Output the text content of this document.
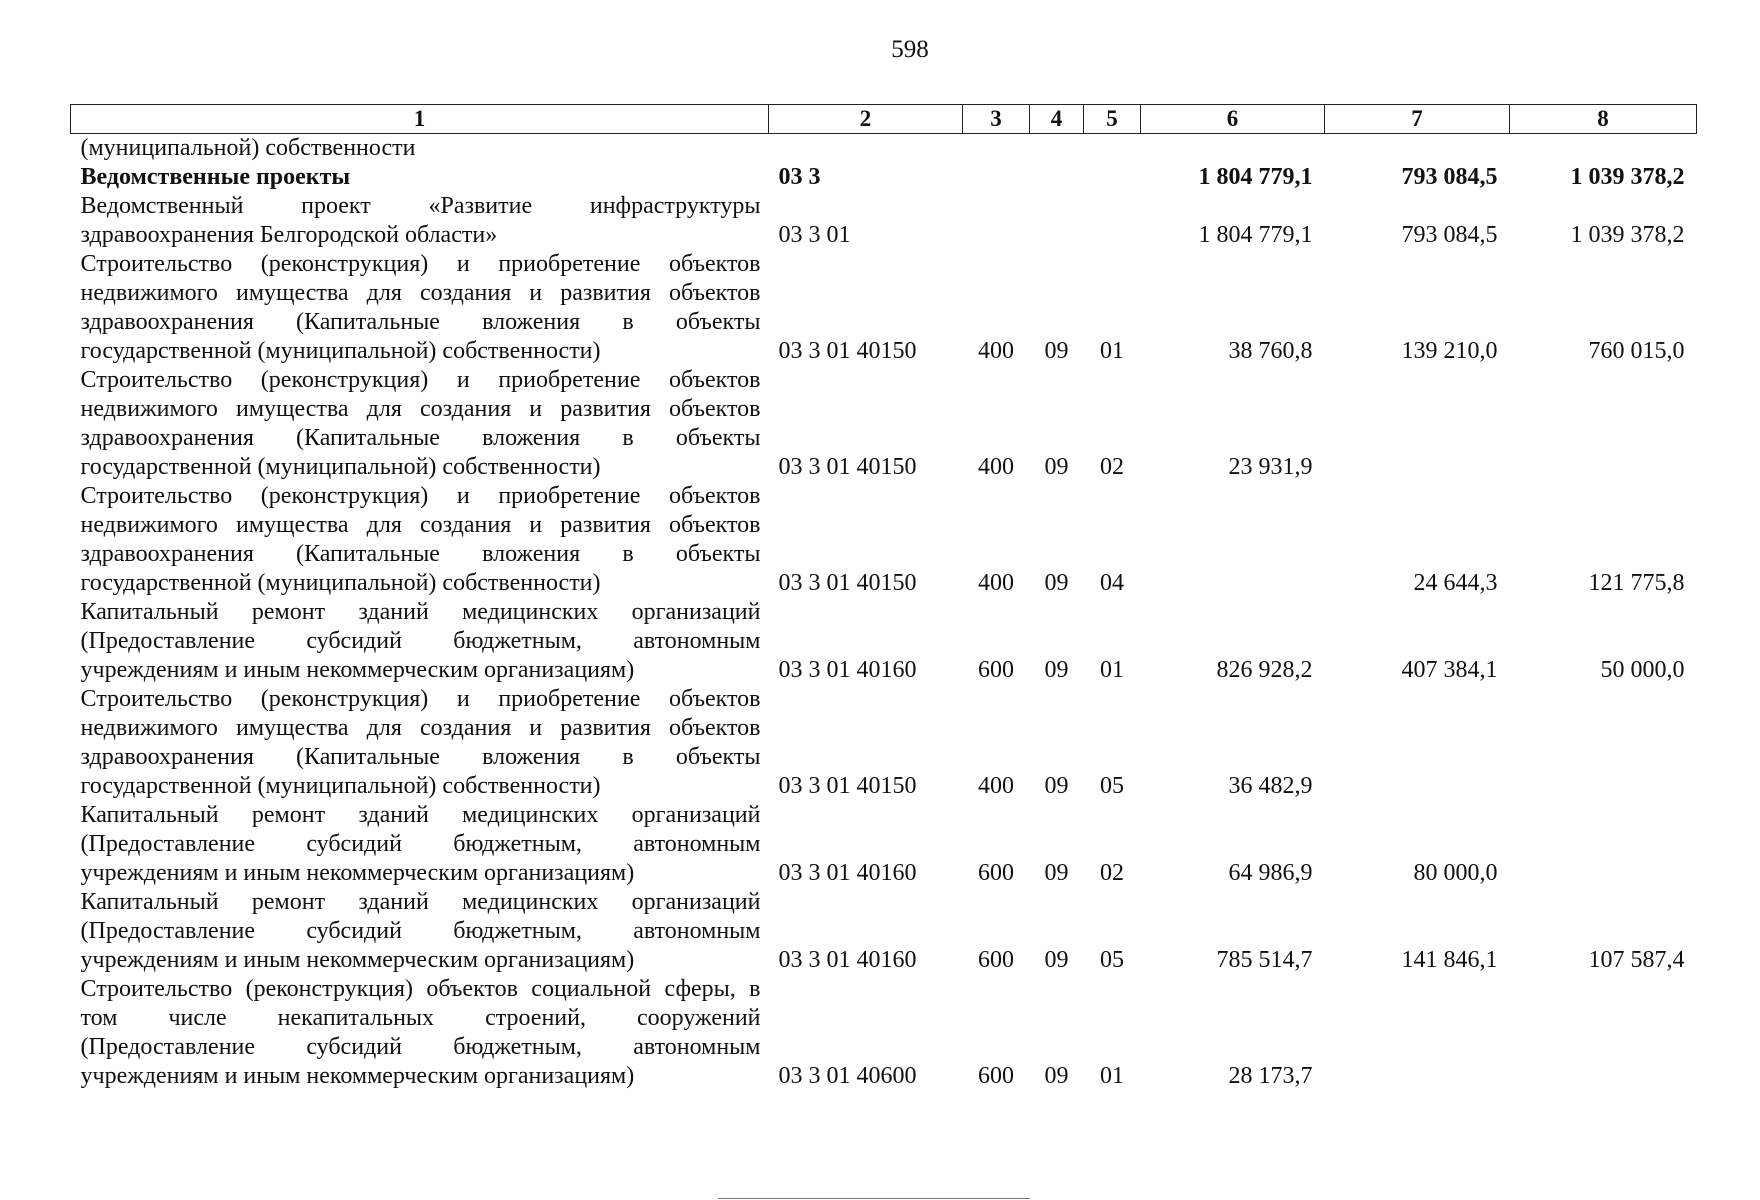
598
1	2	3	4	5	6	7	8
(муниципальной) собственности							
Ведомственные проекты	03 3				1 804 779,1	793 084,5	1 039 378,2
Ведомственный проект «Развитие инфраструктуры здравоохранения Белгородской области»	03 3 01				1 804 779,1	793 084,5	1 039 378,2
Строительство (реконструкция) и приобретение объектов недвижимого имущества для создания и развития объектов здравоохранения (Капитальные вложения в объекты государственной (муниципальной) собственности)	03 3 01 40150	400	09	01	38 760,8	139 210,0	760 015,0
Строительство (реконструкция) и приобретение объектов недвижимого имущества для создания и развития объектов здравоохранения (Капитальные вложения в объекты государственной (муниципальной) собственности)	03 3 01 40150	400	09	02	23 931,9		
Строительство (реконструкция) и приобретение объектов недвижимого имущества для создания и развития объектов здравоохранения (Капитальные вложения в объекты государственной (муниципальной) собственности)	03 3 01 40150	400	09	04		24 644,3	121 775,8
Капитальный ремонт зданий медицинских организаций (Предоставление субсидий бюджетным, автономным учреждениям и иным некоммерческим организациям)	03 3 01 40160	600	09	01	826 928,2	407 384,1	50 000,0
Строительство (реконструкция) и приобретение объектов недвижимого имущества для создания и развития объектов здравоохранения (Капитальные вложения в объекты государственной (муниципальной) собственности)	03 3 01 40150	400	09	05	36 482,9		
Капитальный ремонт зданий медицинских организаций (Предоставление субсидий бюджетным, автономным учреждениям и иным некоммерческим организациям)	03 3 01 40160	600	09	02	64 986,9	80 000,0	
Капитальный ремонт зданий медицинских организаций (Предоставление субсидий бюджетным, автономным учреждениям и иным некоммерческим организациям)	03 3 01 40160	600	09	05	785 514,7	141 846,1	107 587,4
Строительство (реконструкция) объектов социальной сферы, в том числе некапитальных строений, сооружений (Предоставление субсидий бюджетным, автономным учреждениям и иным некоммерческим организациям)	03 3 01 40600	600	09	01	28 173,7		
